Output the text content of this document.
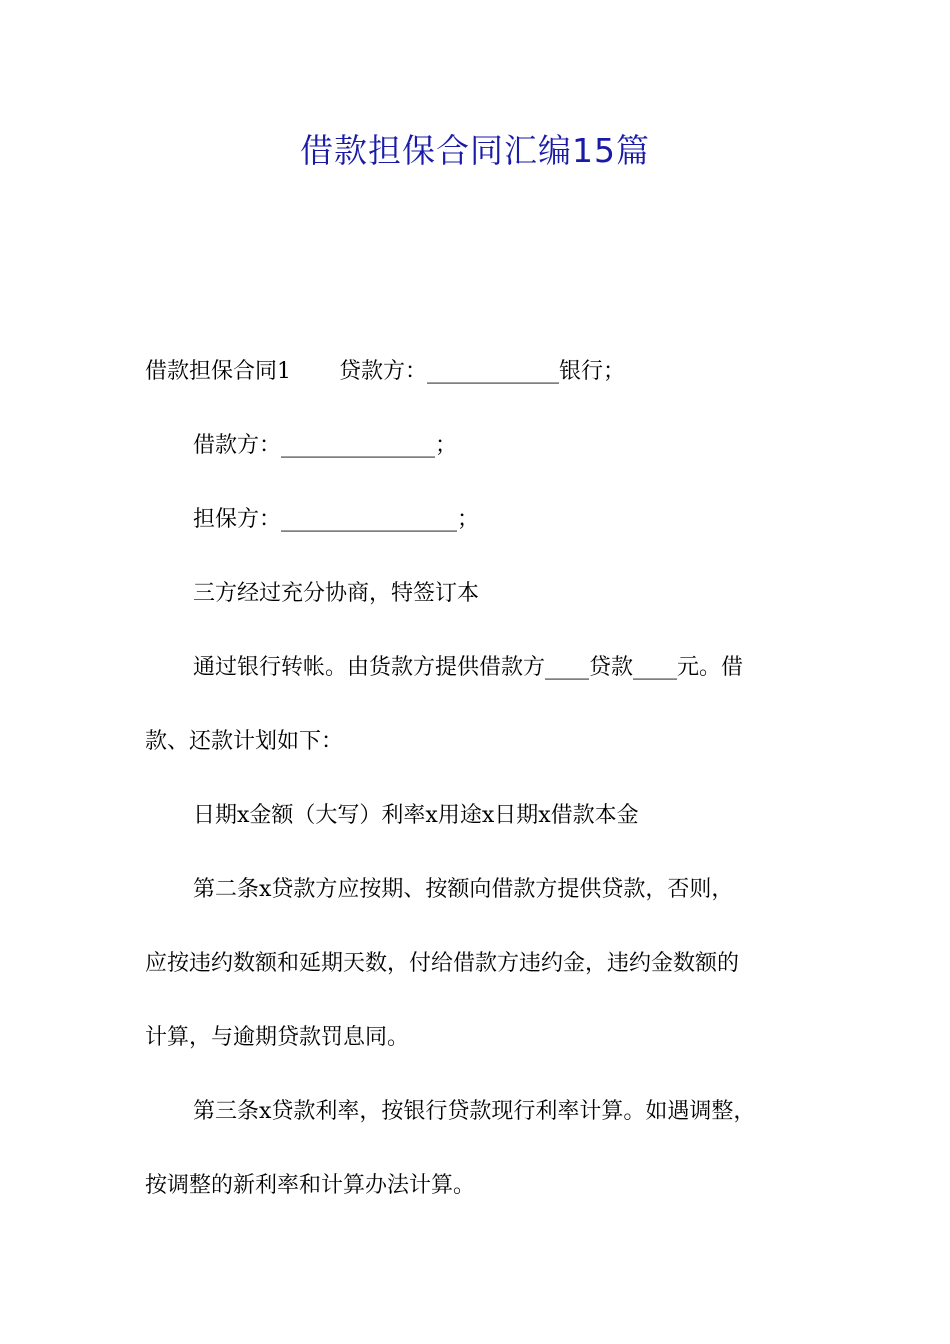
借款担保合同汇编15篇
借款担保合同1 贷款方：____________银行；
借款方：______________；
担保方：________________；
三方经过充分协商，特签订本
通过银行转帐。由货款方提供借款方____贷款____元。借
款、还款计划如下：
日期x金额（大写）利率x用途x日期x借款本金
第二条x贷款方应按期、按额向借款方提供贷款，否则，
应按违约数额和延期天数，付给借款方违约金，违约金数额的
计算，与逾期贷款罚息同。
第三条x贷款利率，按银行贷款现行利率计算。如遇调整，
按调整的新利率和计算办法计算。
